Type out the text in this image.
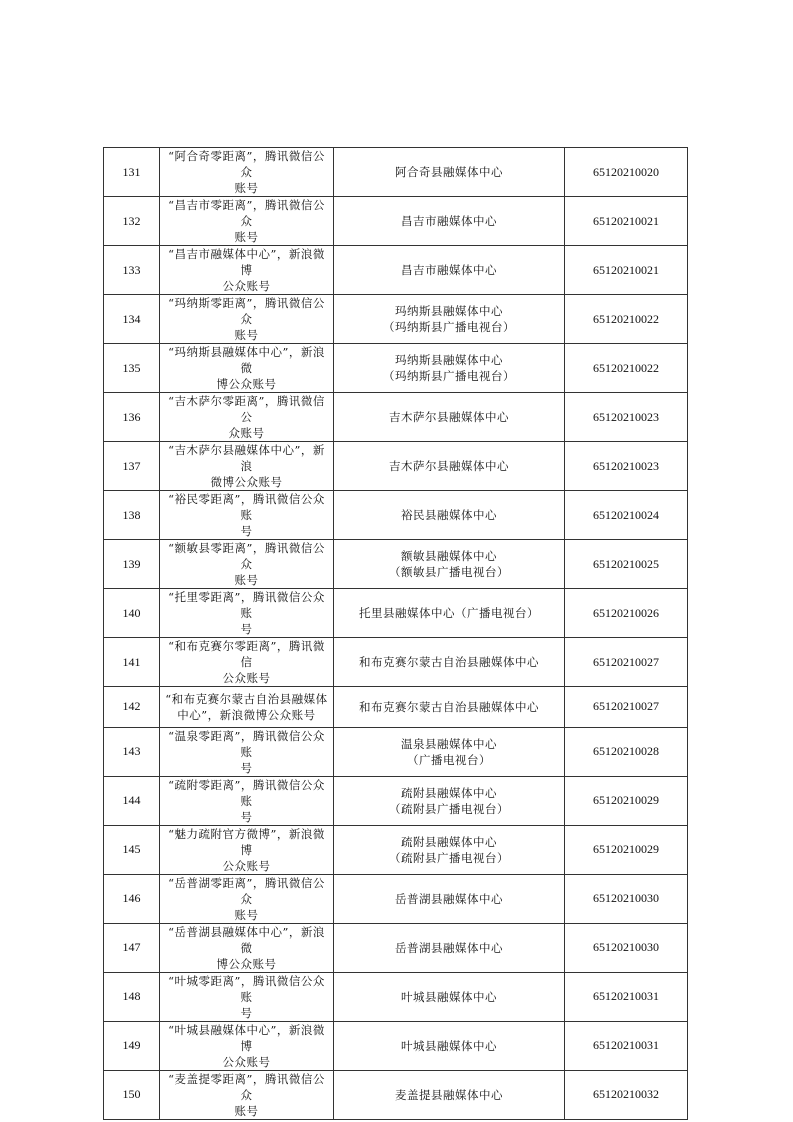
131	“阿合奇零距离”，腾讯微信公众
账号	阿合奇县融媒体中心	65120210020
132	“昌吉市零距离”，腾讯微信公众
账号	昌吉市融媒体中心	65120210021
133	“昌吉市融媒体中心”，新浪微博
公众账号	昌吉市融媒体中心	65120210021
134	“玛纳斯零距离”，腾讯微信公众
账号	玛纳斯县融媒体中心
（玛纳斯县广播电视台）	65120210022
135	“玛纳斯县融媒体中心”，新浪微
博公众账号	玛纳斯县融媒体中心
（玛纳斯县广播电视台）	65120210022
136	“吉木萨尔零距离”，腾讯微信公
众账号	吉木萨尔县融媒体中心	65120210023
137	“吉木萨尔县融媒体中心”，新浪
微博公众账号	吉木萨尔县融媒体中心	65120210023
138	“裕民零距离”，腾讯微信公众账
号	裕民县融媒体中心	65120210024
139	“额敏县零距离”，腾讯微信公众
账号	额敏县融媒体中心
（额敏县广播电视台）	65120210025
140	“托里零距离”，腾讯微信公众账
号	托里县融媒体中心（广播电视台）	65120210026
141	“和布克赛尔零距离”，腾讯微信
公众账号	和布克赛尔蒙古自治县融媒体中心	65120210027
142	“和布克赛尔蒙古自治县融媒体
中心”，新浪微博公众账号	和布克赛尔蒙古自治县融媒体中心	65120210027
143	“温泉零距离”，腾讯微信公众账
号	温泉县融媒体中心
（广播电视台）	65120210028
144	“疏附零距离”，腾讯微信公众账
号	疏附县融媒体中心
（疏附县广播电视台）	65120210029
145	“魅力疏附官方微博”，新浪微博
公众账号	疏附县融媒体中心
（疏附县广播电视台）	65120210029
146	“岳普湖零距离”，腾讯微信公众
账号	岳普湖县融媒体中心	65120210030
147	“岳普湖县融媒体中心”，新浪微
博公众账号	岳普湖县融媒体中心	65120210030
148	“叶城零距离”，腾讯微信公众账
号	叶城县融媒体中心	65120210031
149	“叶城县融媒体中心”，新浪微博
公众账号	叶城县融媒体中心	65120210031
150	“麦盖提零距离”，腾讯微信公众
账号	麦盖提县融媒体中心	65120210032
